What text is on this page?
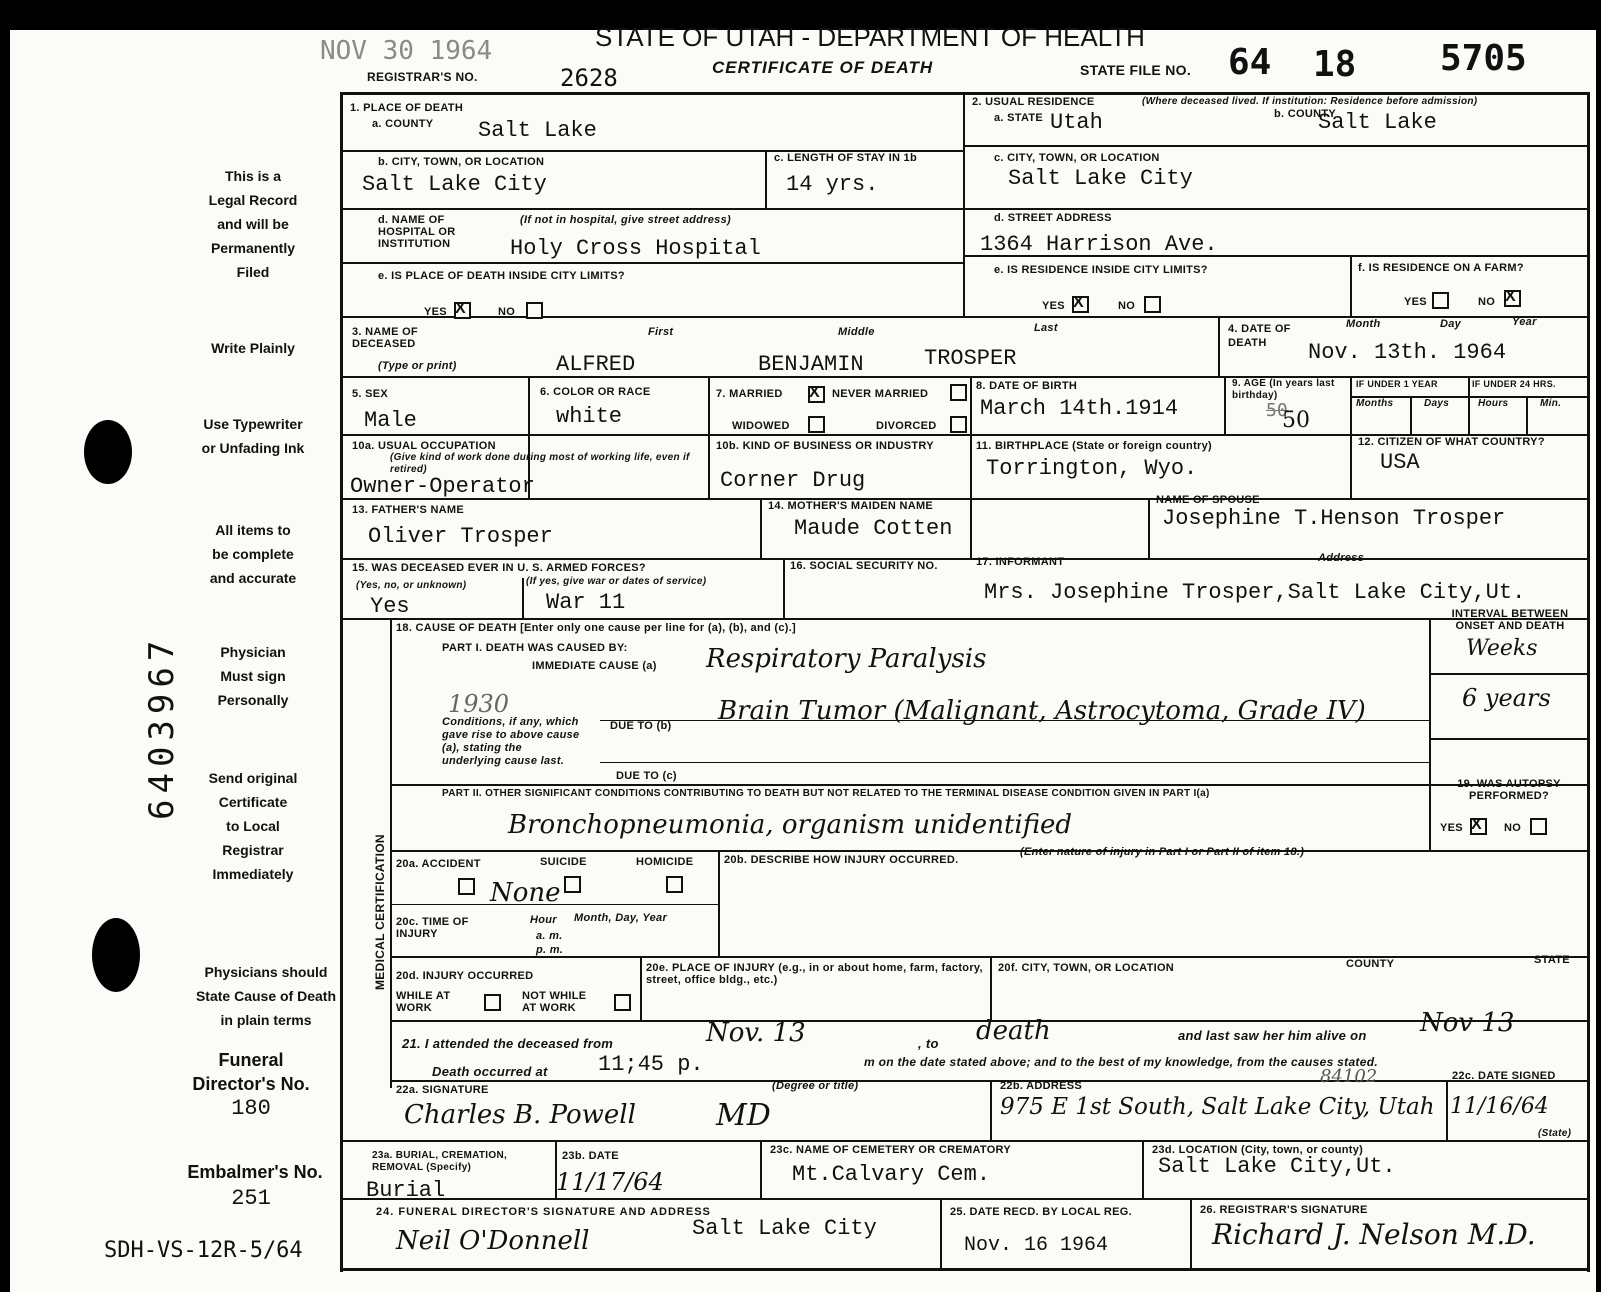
NOV 30 1964	STATE OF UTAH - DEPARTMENT OF HEALTH
CERTIFICATE OF DEATH
REGISTRAR'S NO.	2628	STATE FILE NO. 64 18 5705
This is a
Legal Record
and will be
Permanently
Filed
Write Plainly
Use Typewriter
or Unfading Ink
All items to
be complete
and accurate
Physician
Must sign
Personally
Send original
Certificate
to Local
Registrar
Immediately
Physicians should
State Cause of Death
in plain terms
Funeral
Director's No.
180
Embalmer's No.
251
SDH-VS-12R-5/64
6403967
1. PLACE OF DEATH
a. COUNTY Salt Lake
b. CITY, TOWN, OR LOCATION
Salt Lake City
c. LENGTH OF STAY IN 1b
14 yrs.
d. NAME OF HOSPITAL OR INSTITUTION
(If not in hospital, give street address)
Holy Cross Hospital
e. IS PLACE OF DEATH INSIDE CITY LIMITS?
YES X	NO
2. USUAL RESIDENCE	(Where deceased lived. If institution: Residence before admission)
a. STATE Utah	b. COUNTY
Salt Lake
c. CITY, TOWN, OR LOCATION
Salt Lake City
d. STREET ADDRESS
1364 Harrison Ave.
e. IS RESIDENCE INSIDE CITY LIMITS?
YES X	NO
f. IS RESIDENCE ON A FARM?
YES	NO X
3. NAME OF DECEASED
(Type or print)
First	Middle	Last
ALFRED	BENJAMIN	TROSPER
4. DATE OF DEATH
Month	Day	Year
Nov. 13th. 1964
5. SEX
Male
6. COLOR OR RACE
white
7. MARRIED X NEVER MARRIED
WIDOWED	DIVORCED
8. DATE OF BIRTH
March 14th.1914
9. AGE (In years last birthday)
50
50
IF UNDER 1 YEAR	IF UNDER 24 HRS.
Months	Days	Hours	Min.
10a. USUAL OCCUPATION
(Give kind of work done during most of working life, even if retired)
Owner-Operator
10b. KIND OF BUSINESS OR INDUSTRY
Corner Drug
11. BIRTHPLACE (State or foreign country)
Torrington, Wyo.
12. CITIZEN OF WHAT COUNTRY?
USA
13. FATHER'S NAME
Oliver Trosper
14. MOTHER'S MAIDEN NAME
Maude Cotten
NAME OF SPOUSE
Josephine T.Henson Trosper
15. WAS DECEASED EVER IN U. S. ARMED FORCES?
(Yes, no, or unknown)	(If yes, give war or dates of service)
Yes	War 11
16. SOCIAL SECURITY NO.	17. INFORMANT	Address
Mrs. Josephine Trosper,Salt Lake City,Ut.
MEDICAL CERTIFICATION
18. CAUSE OF DEATH [Enter only one cause per line for (a), (b), and (c).]
PART I. DEATH WAS CAUSED BY:
IMMEDIATE CAUSE (a) Respiratory Paralysis
Conditions, if any, which gave rise to above cause (a), stating the underlying cause last.
1930
DUE TO (b) Brain Tumor (Malignant, Astrocytoma, Grade IV)
DUE TO (c)
INTERVAL BETWEEN ONSET AND DEATH
Weeks
6 years
PART II. OTHER SIGNIFICANT CONDITIONS CONTRIBUTING TO DEATH BUT NOT RELATED TO THE TERMINAL DISEASE CONDITION GIVEN IN PART I(a)
Bronchopneumonia, organism unidentified
19. WAS AUTOPSY PERFORMED?
YES X NO
20a. ACCIDENT	SUICIDE	HOMICIDE
None
20b. DESCRIBE HOW INJURY OCCURRED.
(Enter nature of injury in Part I or Part II of item 18.)
20c. TIME OF INJURY
Hour
a. m.
p. m.
Month, Day, Year
20d. INJURY OCCURRED
WHILE AT WORK
NOT WHILE AT WORK
20e. PLACE OF INJURY (e.g., in or about home, farm, factory, street, office bldg., etc.)
20f. CITY, TOWN, OR LOCATION	COUNTY	STATE
21. I attended the deceased from	Nov. 13	, to death	and last saw her him alive on Nov 13
Death occurred at 11;45 p.	m on the date stated above; and to the best of my knowledge, from the causes stated.
22a. SIGNATURE	(Degree or title)
Charles B. Powell	MD
22b. ADDRESS	84102
975 E 1st South, Salt Lake City, Utah
22c. DATE SIGNED
11/16/64
(State)
23a. BURIAL, CREMATION, REMOVAL (Specify)
Burial
23b. DATE
11/17/64
23c. NAME OF CEMETERY OR CREMATORY
Mt.Calvary Cem.
23d. LOCATION (City, town, or county)
Salt Lake City,Ut.
24. FUNERAL DIRECTOR'S SIGNATURE AND ADDRESS
Neil O'Donnell	Salt Lake City
25. DATE RECD. BY LOCAL REG.
Nov. 16 1964
26. REGISTRAR'S SIGNATURE
Richard J. Nelson M.D.
